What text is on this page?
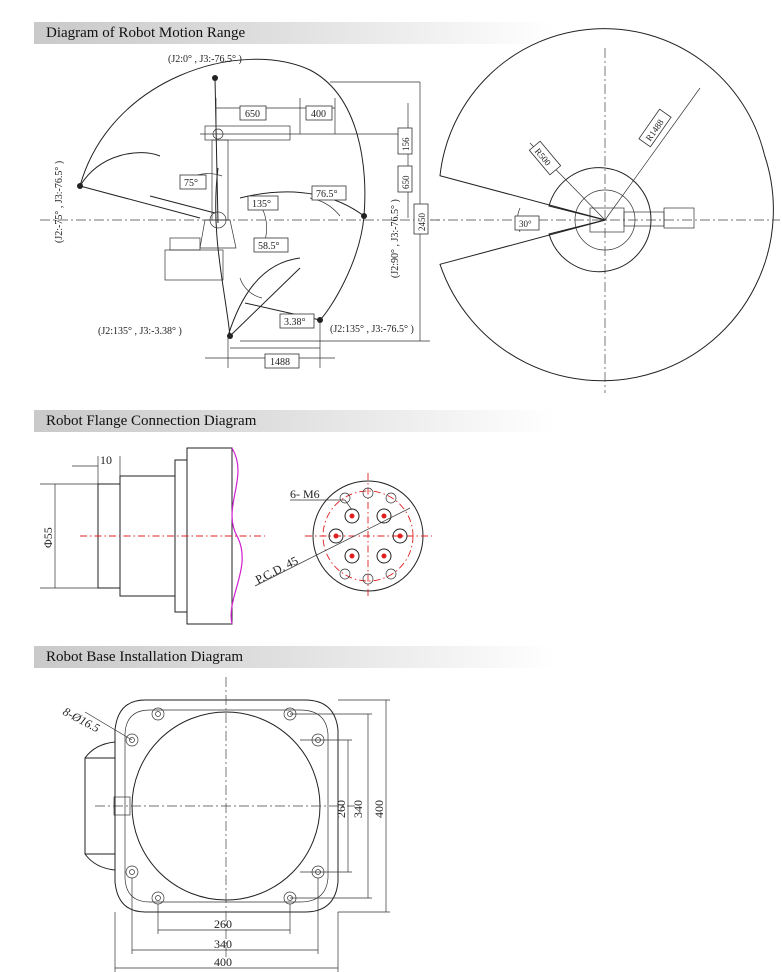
Diagram of Robot Motion Range
(J2:0° , J3:-76.5° )
(J2:-75° , J3:-76.5° )	(J2:90° , J3:-76.5° )
(J2:135° , J3:-3.38° )	(J2:135° , J3:-76.5° )
650	400
156
650
2450
75°
135°
76.5°
58.5°
3.38°
1488
R1488
R500
30°
Robot Flange Connection Diagram
10
Φ55
6- M6
P.C.D. 45
Robot Base Installation Diagram
8-Ø16.5
260 340 400
260
340
400
